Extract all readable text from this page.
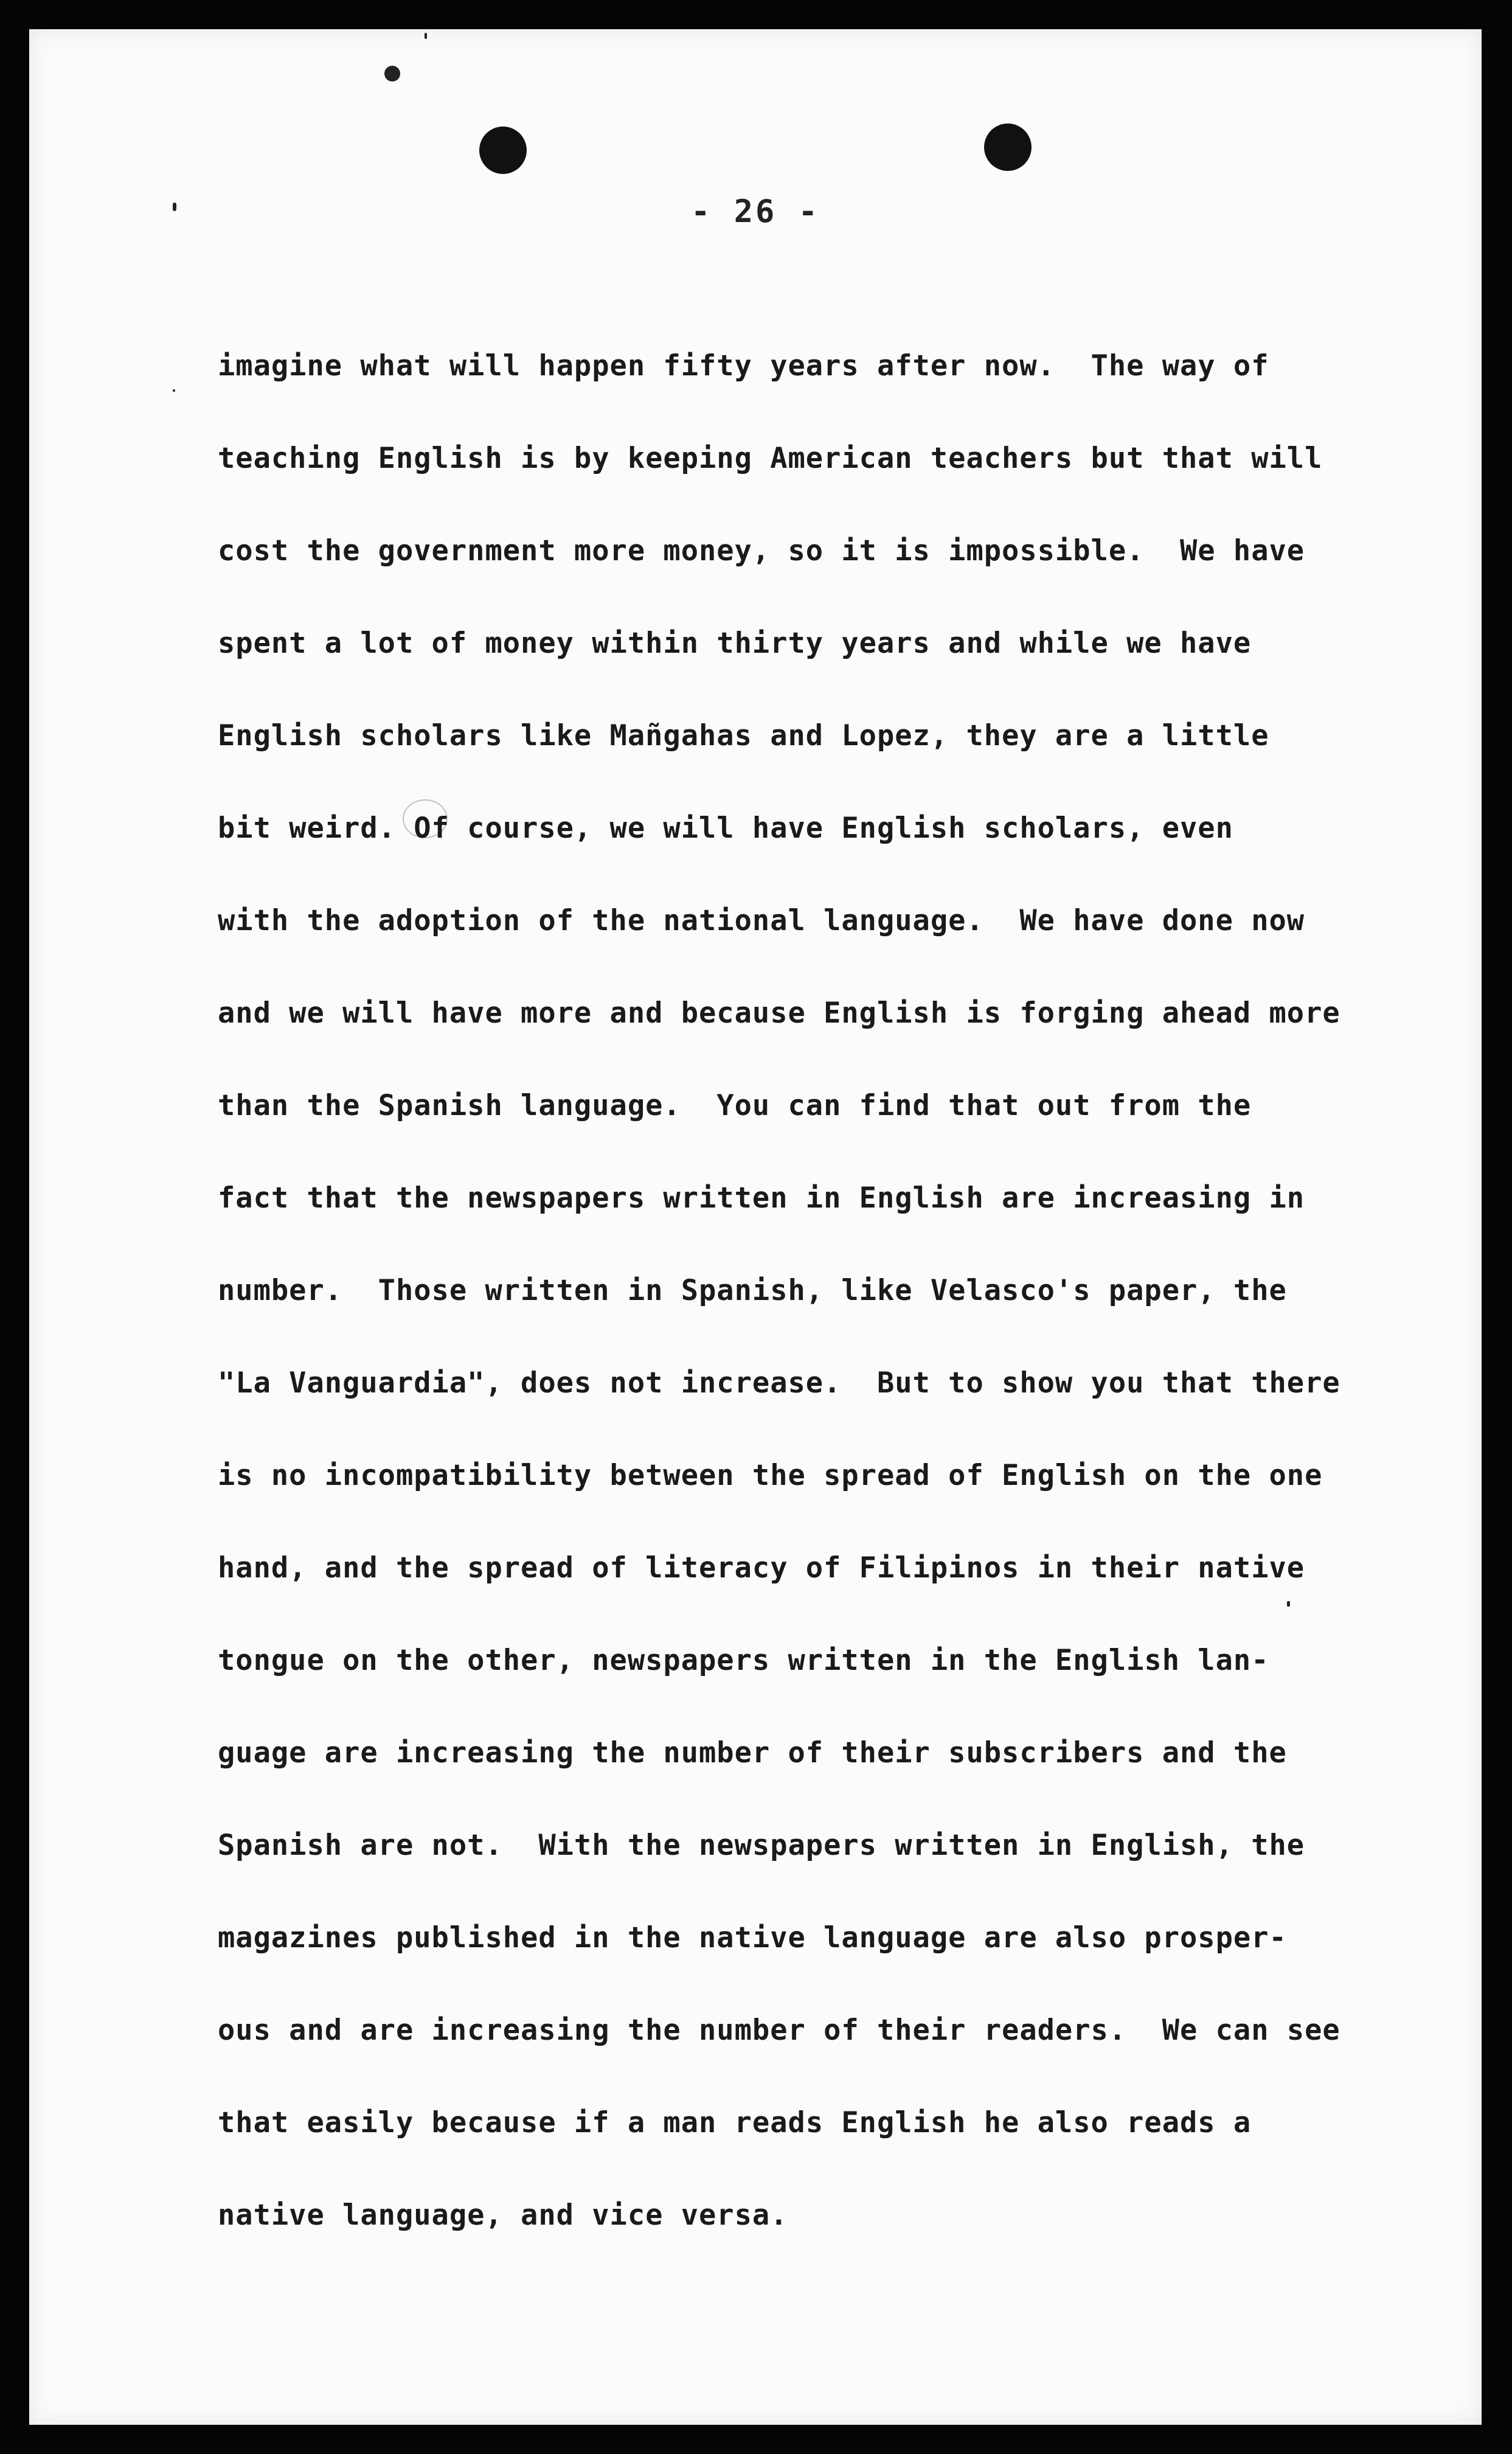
- 26 -
imagine what will happen fifty years after now.  The way of
teaching English is by keeping American teachers but that will
cost the government more money, so it is impossible.  We have
spent a lot of money within thirty years and while we have
English scholars like Mañgahas and Lopez, they are a little
bit weird. Of course, we will have English scholars, even
with the adoption of the national language.  We have done now
and we will have more and because English is forging ahead more
than the Spanish language.  You can find that out from the
fact that the newspapers written in English are increasing in
number.  Those written in Spanish, like Velasco's paper, the
"La Vanguardia", does not increase.  But to show you that there
is no incompatibility between the spread of English on the one
hand, and the spread of literacy of Filipinos in their native
tongue on the other, newspapers written in the English lan-
guage are increasing the number of their subscribers and the
Spanish are not.  With the newspapers written in English, the
magazines published in the native language are also prosper-
ous and are increasing the number of their readers.  We can see
that easily because if a man reads English he also reads a
native language, and vice versa.
